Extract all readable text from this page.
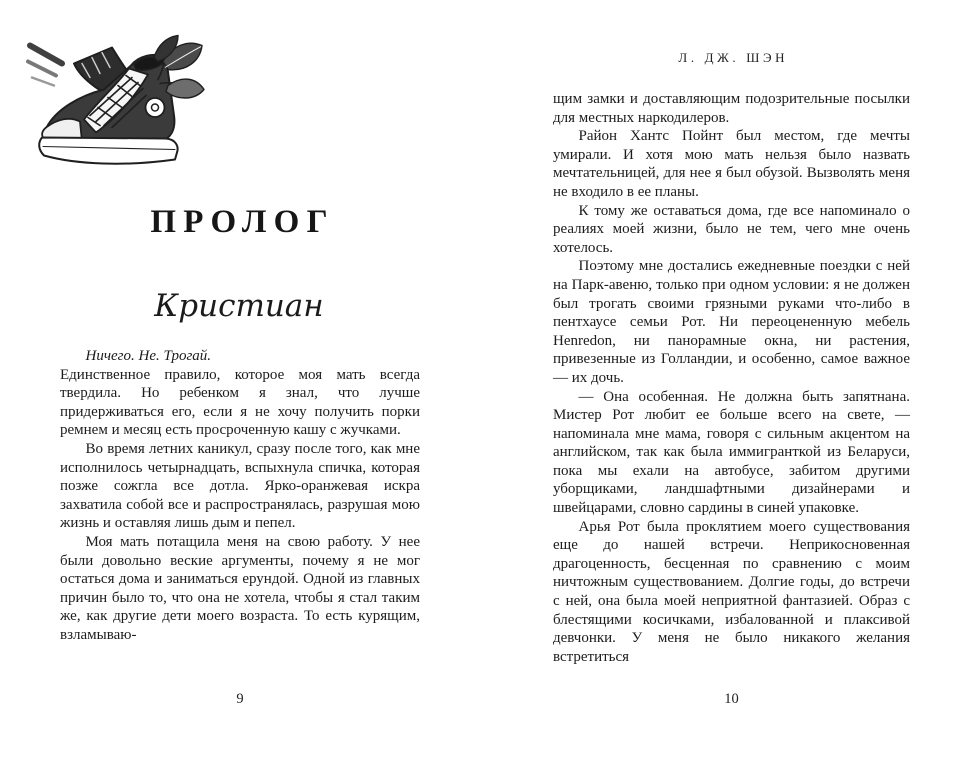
ПРОЛОГ
Кристиан

Ничего. Не. Трогай.

Единственное правило, которое моя мать всегда твердила. Но ребенком я знал, что лучше придерживаться его, если я не хочу получить порки ремнем и месяц есть просроченную кашу с жучками.

Во время летних каникул, сразу после того, как мне исполнилось четырнадцать, вспыхнула спичка, которая позже сожгла все дотла. Ярко-оранжевая искра захватила собой все и распространялась, разрушая мою жизнь и оставляя лишь дым и пепел.

Моя мать потащила меня на свою работу. У нее были довольно веские аргументы, почему я не мог остаться дома и заниматься ерундой. Одной из главных причин было то, что она не хотела, чтобы я стал таким же, как другие дети моего возраста. То есть курящим, взламываю-

9
Л. ДЖ. ШЭН

щим замки и доставляющим подозрительные посылки для местных наркодилеров.

Район Хантс Пойнт был местом, где мечты умирали. И хотя мою мать нельзя было назвать мечтательницей, для нее я был обузой. Вызволять меня не входило в ее планы.

К тому же оставаться дома, где все напоминало о реалиях моей жизни, было не тем, чего мне очень хотелось.

Поэтому мне достались ежедневные поездки с ней на Парк-авеню, только при одном условии: я не должен был трогать своими грязными руками что-либо в пентхаусе семьи Рот. Ни переоцененную мебель Henredon, ни панорамные окна, ни растения, привезенные из Голландии, и особенно, самое важное — их дочь.

— Она особенная. Не должна быть запятнана. Мистер Рот любит ее больше всего на свете, — напоминала мне мама, говоря с сильным акцентом на английском, так как была иммигранткой из Беларуси, пока мы ехали на автобусе, забитом другими уборщиками, ландшафтными дизайнерами и швейцарами, словно сардины в синей упаковке.

Арья Рот была проклятием моего существования еще до нашей встречи. Неприкосновенная драгоценность, бесценная по сравнению с моим ничтожным существованием. Долгие годы, до встречи с ней, она была моей неприятной фантазией. Образ с блестящими косичками, избалованной и плаксивой девчонки. У меня не было никакого желания встретиться

10
